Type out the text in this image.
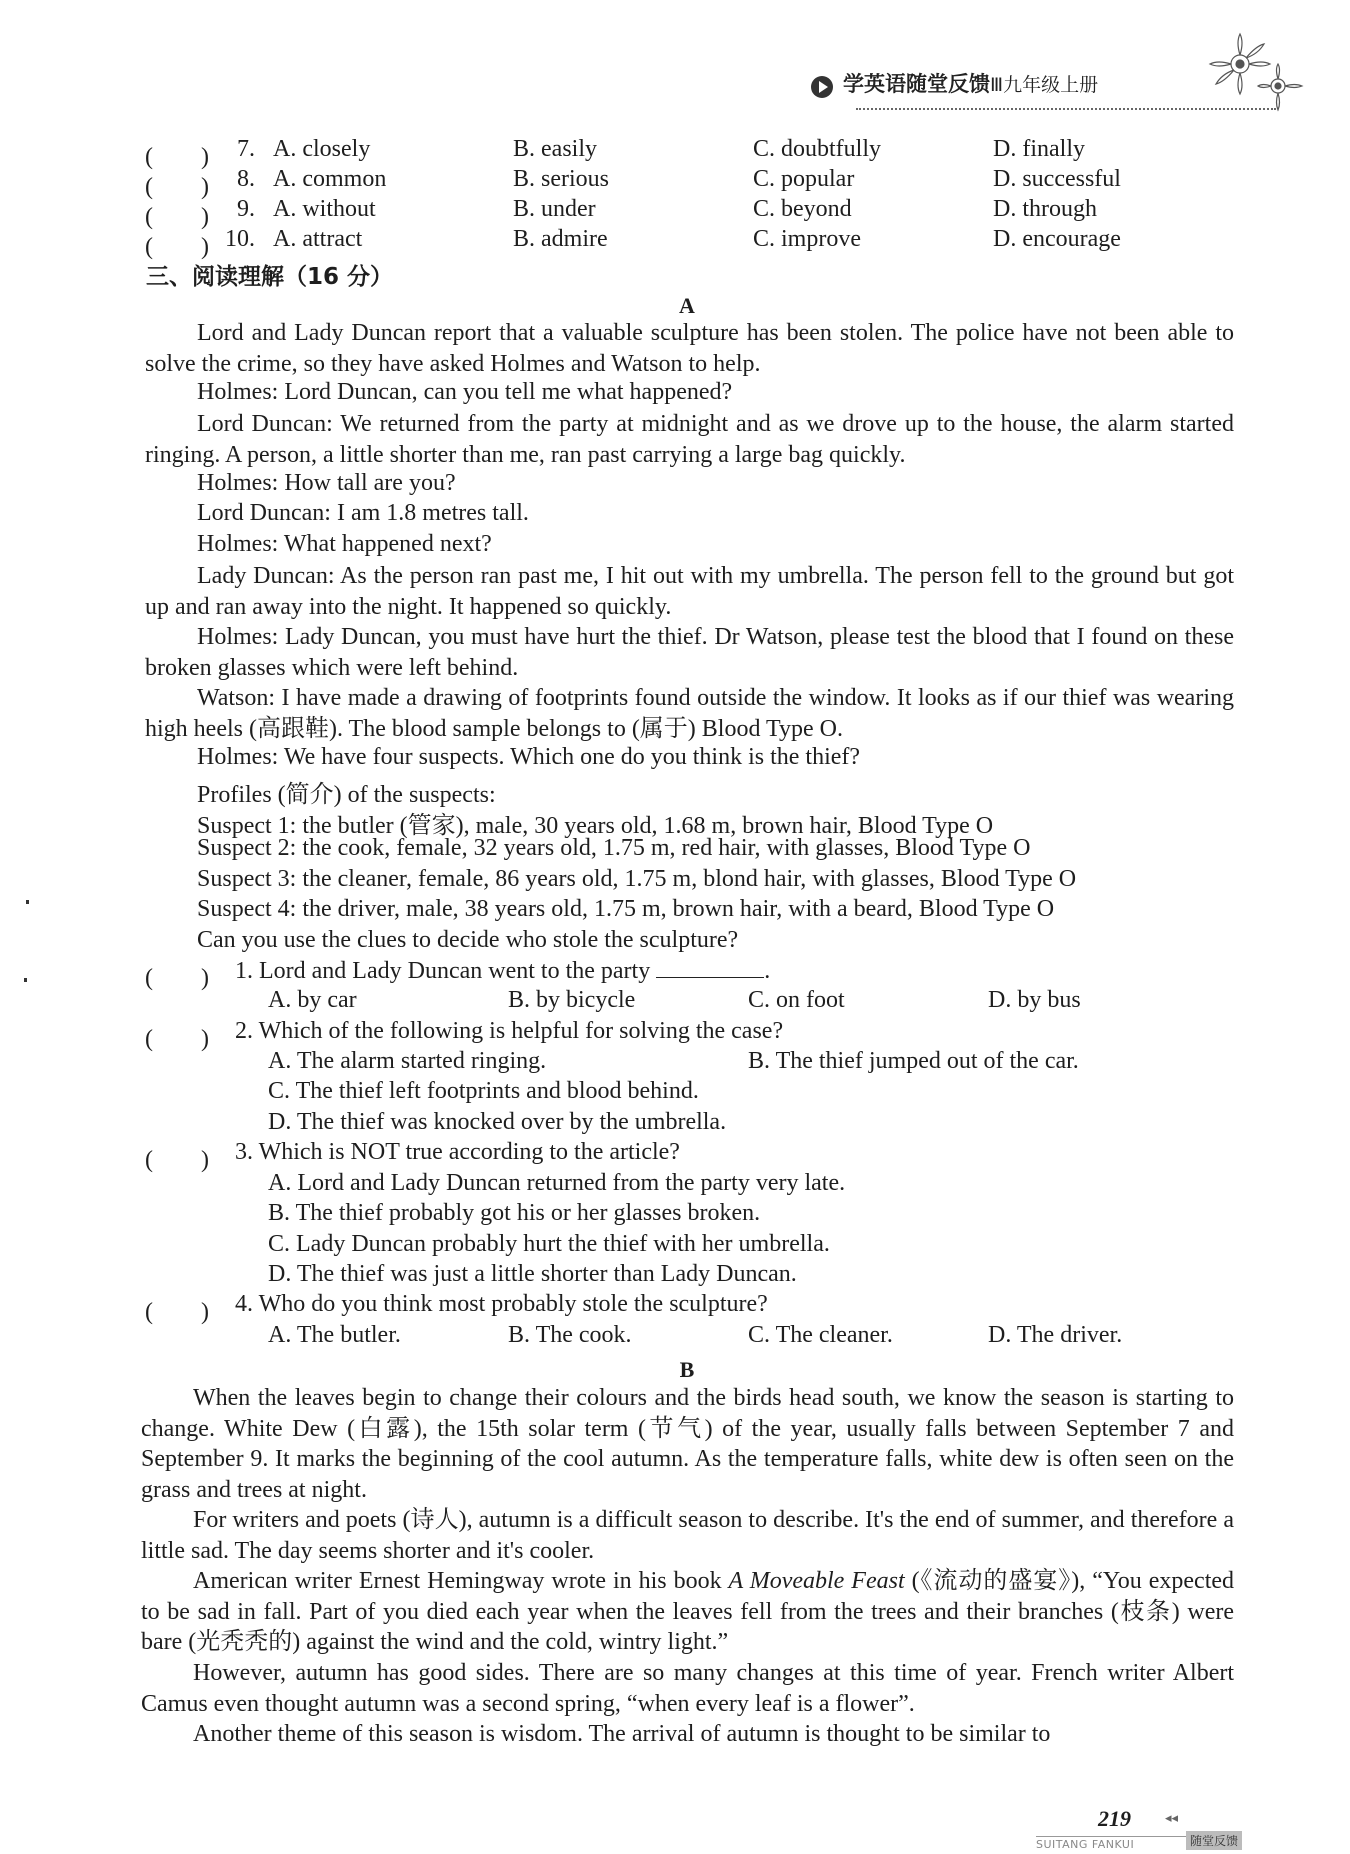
学英语随堂反馈Ⅲ九年级上册
(　　) 7. A. closely	B. easily	C. doubtfully	D. finally
(　　) 8. A. common	B. serious	C. popular	D. successful
(　　) 9. A. without	B. under	C. beyond	D. through
(　　) 10. A. attract	B. admire	C. improve	D. encourage
三、阅读理解（16 分）
A

Lord and Lady Duncan report that a valuable sculpture has been stolen. The police have not been able to solve the crime, so they have asked Holmes and Watson to help.

Holmes: Lord Duncan, can you tell me what happened?

Lord Duncan: We returned from the party at midnight and as we drove up to the house, the alarm started ringing. A person, a little shorter than me, ran past carrying a large bag quickly.

Holmes: How tall are you?
Lord Duncan: I am 1.8 metres tall.
Holmes: What happened next?

Lady Duncan: As the person ran past me, I hit out with my umbrella. The person fell to the ground but got up and ran away into the night. It happened so quickly.

Holmes: Lady Duncan, you must have hurt the thief. Dr Watson, please test the blood that I found on these broken glasses which were left behind.

Watson: I have made a drawing of footprints found outside the window. It looks as if our thief was wearing high heels (高跟鞋). The blood sample belongs to (属于) Blood Type O.

Holmes: We have four suspects. Which one do you think is the thief?
Profiles (简介) of the suspects:
Suspect 1: the butler (管家), male, 30 years old, 1.68 m, brown hair, Blood Type O
Suspect 2: the cook, female, 32 years old, 1.75 m, red hair, with glasses, Blood Type O
Suspect 3: the cleaner, female, 86 years old, 1.75 m, blond hair, with glasses, Blood Type O
Suspect 4: the driver, male, 38 years old, 1.75 m, brown hair, with a beard, Blood Type O
Can you use the clues to decide who stole the sculpture?
(　　) 1. Lord and Lady Duncan went to the party	.
A. by car	B. by bicycle	C. on foot	D. by bus
(　　) 2. Which of the following is helpful for solving the case?
A. The alarm started ringing.	B. The thief jumped out of the car.
C. The thief left footprints and blood behind.
D. The thief was knocked over by the umbrella.
(　　) 3. Which is NOT true according to the article?
A. Lord and Lady Duncan returned from the party very late.
B. The thief probably got his or her glasses broken.
C. Lady Duncan probably hurt the thief with her umbrella.
D. The thief was just a little shorter than Lady Duncan.
(　　) 4. Who do you think most probably stole the sculpture?
A. The butler.	B. The cook.	C. The cleaner.	D. The driver.
B

When the leaves begin to change their colours and the birds head south, we know the season is starting to change. White Dew (白露), the 15th solar term (节气) of the year, usually falls between September 7 and September 9. It marks the beginning of the cool autumn. As the temperature falls, white dew is often seen on the grass and trees at night.

For writers and poets (诗人), autumn is a difficult season to describe. It's the end of summer, and therefore a little sad. The day seems shorter and it's cooler.

American writer Ernest Hemingway wrote in his book A Moveable Feast (《流动的盛宴》), “You expected to be sad in fall. Part of you died each year when the leaves fell from the trees and their branches (枝条) were bare (光秃秃的) against the wind and the cold, wintry light.”

However, autumn has good sides. There are so many changes at this time of year. French writer Albert Camus even thought autumn was a second spring, “when every leaf is a flower”.

Another theme of this season is wisdom. The arrival of autumn is thought to be similar to

219	◂◂
SUITANG FANKUI	随堂反馈
